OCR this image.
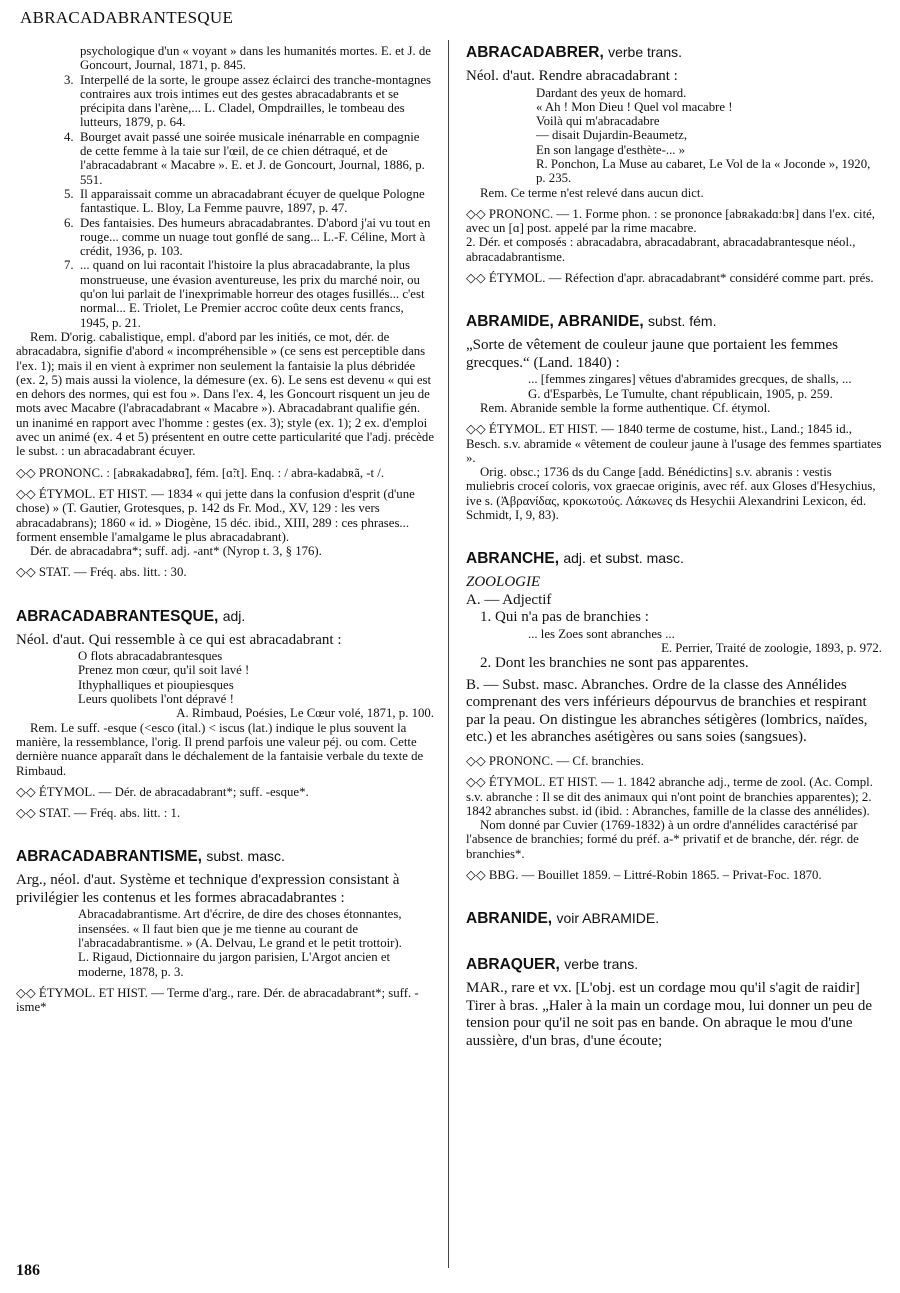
ABRACADABRANTESQUE

psychologique d'un « voyant » dans les humanités mortes. E. et J. de Goncourt, Journal, 1871, p. 845.

3. Interpellé de la sorte, le groupe assez éclairci des tranche-montagnes contraires aux trois intimes eut des gestes abracadabrants et se précipita dans l'arène,... L. Cladel, Ompdrailles, le tombeau des lutteurs, 1879, p. 64.
4. Bourget avait passé une soirée musicale inénarrable en compagnie de cette femme à la taie sur l'œil, de ce chien détraqué, et de l'abracadabrant « Macabre ». E. et J. de Goncourt, Journal, 1886, p. 551.
5. Il apparaissait comme un abracadabrant écuyer de quelque Pologne fantastique. L. Bloy, La Femme pauvre, 1897, p. 47.
6. Des fantaisies. Des humeurs abracadabrantes. D'abord j'ai vu tout en rouge... comme un nuage tout gonflé de sang... L.-F. Céline, Mort à crédit, 1936, p. 103.
7. ... quand on lui racontait l'histoire la plus abracadabrante, la plus monstrueuse, une évasion aventureuse, les prix du marché noir, ou qu'on lui parlait de l'inexprimable horreur des otages fusillés... c'est normal... E. Triolet, Le Premier accroc coûte deux cents francs, 1945, p. 21.

Rem. D'orig. cabalistique, empl. d'abord par les initiés, ce mot, dér. de abracadabra, signifie d'abord « incompréhensible » (ce sens est perceptible dans l'ex. 1); mais il en vient à exprimer non seulement la fantaisie la plus débridée (ex. 2, 5) mais aussi la violence, la démesure (ex. 6). Le sens est devenu « qui est en dehors des normes, qui est fou ». Dans l'ex. 4, les Goncourt risquent un jeu de mots avec Macabre (l'abracadabrant « Macabre »). Abracadabrant qualifie gén. un inanimé en rapport avec l'homme : gestes (ex. 3); style (ex. 1); 2 ex. d'emploi avec un animé (ex. 4 et 5) présentent en outre cette particularité que l'adj. précède le subst. : un abracadabrant écuyer.

◇◇ PRONONC. : [abʀakadabʀɑ̃], fém. [ɑ̃:t]. Enq. : / abra-kadabʀã, -t /.

◇◇ ÉTYMOL. ET HIST. — 1834 « qui jette dans la confusion d'esprit (d'une chose) » (T. Gautier, Grotesques, p. 142 ds Fr. Mod., XV, 129 : les vers abracadabrans); 1860 « id. » Diogène, 15 déc. ibid., XIII, 289 : ces phrases... forment ensemble l'amalgame le plus abracadabrant).

Dér. de abracadabra*; suff. adj. -ant* (Nyrop t. 3, § 176).

◇◇ STAT. — Fréq. abs. litt. : 30.

ABRACADABRANTESQUE, adj.

Néol. d'aut. Qui ressemble à ce qui est abracadabrant :

O flots abracadabrantesques

Prenez mon cœur, qu'il soit lavé !

Ithyphalliques et pioupiesques

Leurs quolibets l'ont dépravé !

A. Rimbaud, Poésies, Le Cœur volé, 1871, p. 100.

Rem. Le suff. -esque (<esco (ital.) < iscus (lat.) indique le plus souvent la manière, la ressemblance, l'orig. Il prend parfois une valeur péj. ou com. Cette dernière nuance apparaît dans le déchalement de la fantaisie verbale du texte de Rimbaud.

◇◇ ÉTYMOL. — Dér. de abracadabrant*; suff. -esque*.

◇◇ STAT. — Fréq. abs. litt. : 1.

ABRACADABRANTISME, subst. masc.

Arg., néol. d'aut. Système et technique d'expression consistant à privilégier les contenus et les formes abracadabrantes :

Abracadabrantisme. Art d'écrire, de dire des choses étonnantes, insensées. « Il faut bien que je me tienne au courant de l'abracadabrantisme. » (A. Delvau, Le grand et le petit trottoir).

L. Rigaud, Dictionnaire du jargon parisien, L'Argot ancien et moderne, 1878, p. 3.

◇◇ ÉTYMOL. ET HIST. — Terme d'arg., rare. Dér. de abracadabrant*; suff. -isme*

ABRACADABRER, verbe trans.

Néol. d'aut. Rendre abracadabrant :

Dardant des yeux de homard.

« Ah ! Mon Dieu ! Quel vol macabre !

Voilà qui m'abracadabre

— disait Dujardin-Beaumetz,

En son langage d'esthète-... »

R. Ponchon, La Muse au cabaret, Le Vol de la « Joconde », 1920, p. 235.

Rem. Ce terme n'est relevé dans aucun dict.

◇◇ PRONONC. — 1. Forme phon. : se prononce [abʀakadɑ:bʀ] dans l'ex. cité, avec un [ɑ] post. appelé par la rime macabre.

2. Dér. et composés : abracadabra, abracadabrant, abracadabrantesque néol., abracadabrantisme.

◇◇ ÉTYMOL. — Réfection d'apr. abracadabrant* considéré comme part. prés.

ABRAMIDE, ABRANIDE, subst. fém.

„Sorte de vêtement de couleur jaune que portaient les femmes grecques.“ (Land. 1840) :

... [femmes zingares] vêtues d'abramides grecques, de shalls, ...

G. d'Esparbès, Le Tumulte, chant républicain, 1905, p. 259.

Rem. Abranide semble la forme authentique. Cf. étymol.

◇◇ ÉTYMOL. ET HIST. — 1840 terme de costume, hist., Land.; 1845 id., Besch. s.v. abramide « vêtement de couleur jaune à l'usage des femmes spartiates ».

Orig. obsc.; 1736 ds du Cange [add. Bénédictins] s.v. abranis : vestis muliebris croceí coloris, vox graecae originis, avec réf. aux Gloses d'Hesychius, ive s. (Ἀβρανίδας, κροκωτούς. Λάκωνες ds Hesychii Alexandrini Lexicon, éd. Schmidt, I, 9, 83).

ABRANCHE, adj. et subst. masc.

ZOOLOGIE

A. — Adjectif

1. Qui n'a pas de branchies :

... les Zoes sont abranches ...

E. Perrier, Traité de zoologie, 1893, p. 972.

2. Dont les branchies ne sont pas apparentes.

B. — Subst. masc. Abranches. Ordre de la classe des Annélides comprenant des vers inférieurs dépourvus de branchies et respirant par la peau. On distingue les abranches sétigères (lombrics, naïdes, etc.) et les abranches asétigères ou sans soies (sangsues).

◇◇ PRONONC. — Cf. branchies.

◇◇ ÉTYMOL. ET HIST. — 1. 1842 abranche adj., terme de zool. (Ac. Compl. s.v. abranche : Il se dit des animaux qui n'ont point de branchies apparentes); 2. 1842 abranches subst. id (ibid. : Abranches, famille de la classe des annélides).

Nom donné par Cuvier (1769-1832) à un ordre d'annélides caractérisé par l'absence de branchies; formé du préf. a-* privatif et de branche, dér. régr. de branchies*.

◇◇ BBG. — Bouillet 1859. – Littré-Robin 1865. – Privat-Foc. 1870.

ABRANIDE, voir ABRAMIDE.

ABRAQUER, verbe trans.

MAR., rare et vx. [L'obj. est un cordage mou qu'il s'agit de raidir] Tirer à bras. „Haler à la main un cordage mou, lui donner un peu de tension pour qu'il ne soit pas en bande. On abraque le mou d'une aussière, d'un bras, d'une écoute;

186
